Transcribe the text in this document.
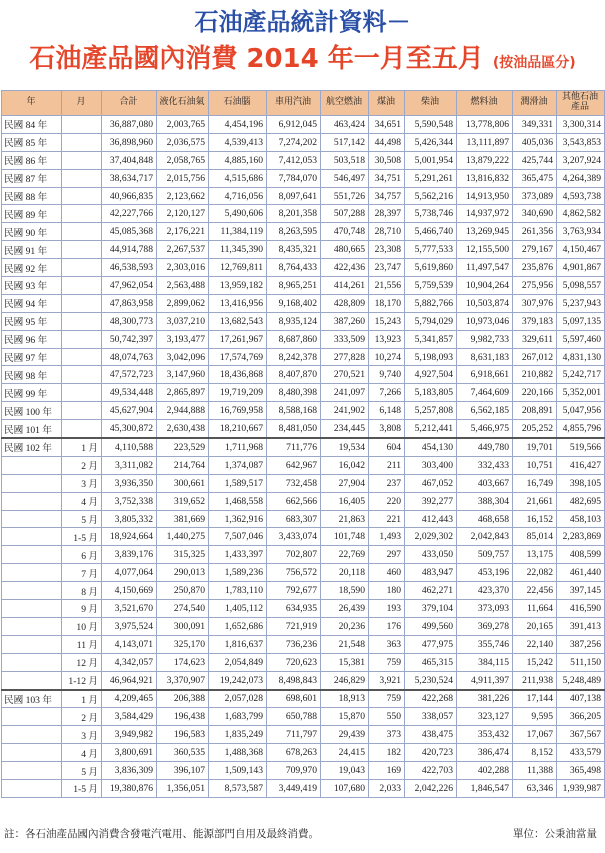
石油產品統計資料－
石油產品國內消費 2014 年一月至五月 (按油品區分)
年	月	合計	液化石油氣	石油腦	車用汽油	航空燃油	煤油	柴油	燃料油	潤滑油	其他石油產品
民國 84 年		36,887,080	2,003,765	4,454,196	6,912,045	463,424	34,651	5,590,548	13,778,806	349,331	3,300,314
民國 85 年		36,898,960	2,036,575	4,539,413	7,274,202	517,142	44,498	5,426,344	13,111,897	405,036	3,543,853
民國 86 年		37,404,848	2,058,765	4,885,160	7,412,053	503,518	30,508	5,001,954	13,879,222	425,744	3,207,924
民國 87 年		38,634,717	2,015,756	4,515,686	7,784,070	546,497	34,751	5,291,261	13,816,832	365,475	4,264,389
民國 88 年		40,966,835	2,123,662	4,716,056	8,097,641	551,726	34,757	5,562,216	14,913,950	373,089	4,593,738
民國 89 年		42,227,766	2,120,127	5,490,606	8,201,358	507,288	28,397	5,738,746	14,937,972	340,690	4,862,582
民國 90 年		45,085,368	2,176,221	11,384,119	8,263,595	470,748	28,710	5,466,740	13,269,945	261,356	3,763,934
民國 91 年		44,914,788	2,267,537	11,345,390	8,435,321	480,665	23,308	5,777,533	12,155,500	279,167	4,150,467
民國 92 年		46,538,593	2,303,016	12,769,811	8,764,433	422,436	23,747	5,619,860	11,497,547	235,876	4,901,867
民國 93 年		47,962,054	2,563,488	13,959,182	8,965,251	414,261	21,556	5,759,539	10,904,264	275,956	5,098,557
民國 94 年		47,863,958	2,899,062	13,416,956	9,168,402	428,809	18,170	5,882,766	10,503,874	307,976	5,237,943
民國 95 年		48,300,773	3,037,210	13,682,543	8,935,124	387,260	15,243	5,794,029	10,973,046	379,183	5,097,135
民國 96 年		50,742,397	3,193,477	17,261,967	8,687,860	333,509	13,923	5,341,857	9,982,733	329,611	5,597,460
民國 97 年		48,074,763	3,042,096	17,574,769	8,242,378	277,828	10,274	5,198,093	8,631,183	267,012	4,831,130
民國 98 年		47,572,723	3,147,960	18,436,868	8,407,870	270,521	9,740	4,927,504	6,918,661	210,882	5,242,717
民國 99 年		49,534,448	2,865,897	19,719,209	8,480,398	241,097	7,266	5,183,805	7,464,609	220,166	5,352,001
民國 100 年		45,627,904	2,944,888	16,769,958	8,588,168	241,902	6,148	5,257,808	6,562,185	208,891	5,047,956
民國 101 年		45,300,872	2,630,438	18,210,667	8,481,050	234,445	3,808	5,212,441	5,466,975	205,252	4,855,796
民國 102 年	1 月	4,110,588	223,529	1,711,968	711,776	19,534	604	454,130	449,780	19,701	519,566
	2 月	3,311,082	214,764	1,374,087	642,967	16,042	211	303,400	332,433	10,751	416,427
	3 月	3,936,350	300,661	1,589,517	732,458	27,904	237	467,052	403,667	16,749	398,105
	4 月	3,752,338	319,652	1,468,558	662,566	16,405	220	392,277	388,304	21,661	482,695
	5 月	3,805,332	381,669	1,362,916	683,307	21,863	221	412,443	468,658	16,152	458,103
	1-5 月	18,924,664	1,440,275	7,507,046	3,433,074	101,748	1,493	2,029,302	2,042,843	85,014	2,283,869
	6 月	3,839,176	315,325	1,433,397	702,807	22,769	297	433,050	509,757	13,175	408,599
	7 月	4,077,064	290,013	1,589,236	756,572	20,118	460	483,947	453,196	22,082	461,440
	8 月	4,150,669	250,870	1,783,110	792,677	18,590	180	462,271	423,370	22,456	397,145
	9 月	3,521,670	274,540	1,405,112	634,935	26,439	193	379,104	373,093	11,664	416,590
	10 月	3,975,524	300,091	1,652,686	721,919	20,236	176	499,560	369,278	20,165	391,413
	11 月	4,143,071	325,170	1,816,637	736,236	21,548	363	477,975	355,746	22,140	387,256
	12 月	4,342,057	174,623	2,054,849	720,623	15,381	759	465,315	384,115	15,242	511,150
	1-12 月	46,964,921	3,370,907	19,242,073	8,498,843	246,829	3,921	5,230,524	4,911,397	211,938	5,248,489
民國 103 年	1 月	4,209,465	206,388	2,057,028	698,601	18,913	759	422,268	381,226	17,144	407,138
	2 月	3,584,429	196,438	1,683,799	650,788	15,870	550	338,057	323,127	9,595	366,205
	3 月	3,949,982	196,583	1,835,249	711,797	29,439	373	438,475	353,432	17,067	367,567
	4 月	3,800,691	360,535	1,488,368	678,263	24,415	182	420,723	386,474	8,152	433,579
	5 月	3,836,309	396,107	1,509,143	709,970	19,043	169	422,703	402,288	11,388	365,498
	1-5 月	19,380,876	1,356,051	8,573,587	3,449,419	107,680	2,033	2,042,226	1,846,547	63,346	1,939,987
註：各石油產品國內消費含發電汽電用、能源部門自用及最終消費。	單位：公秉油當量
